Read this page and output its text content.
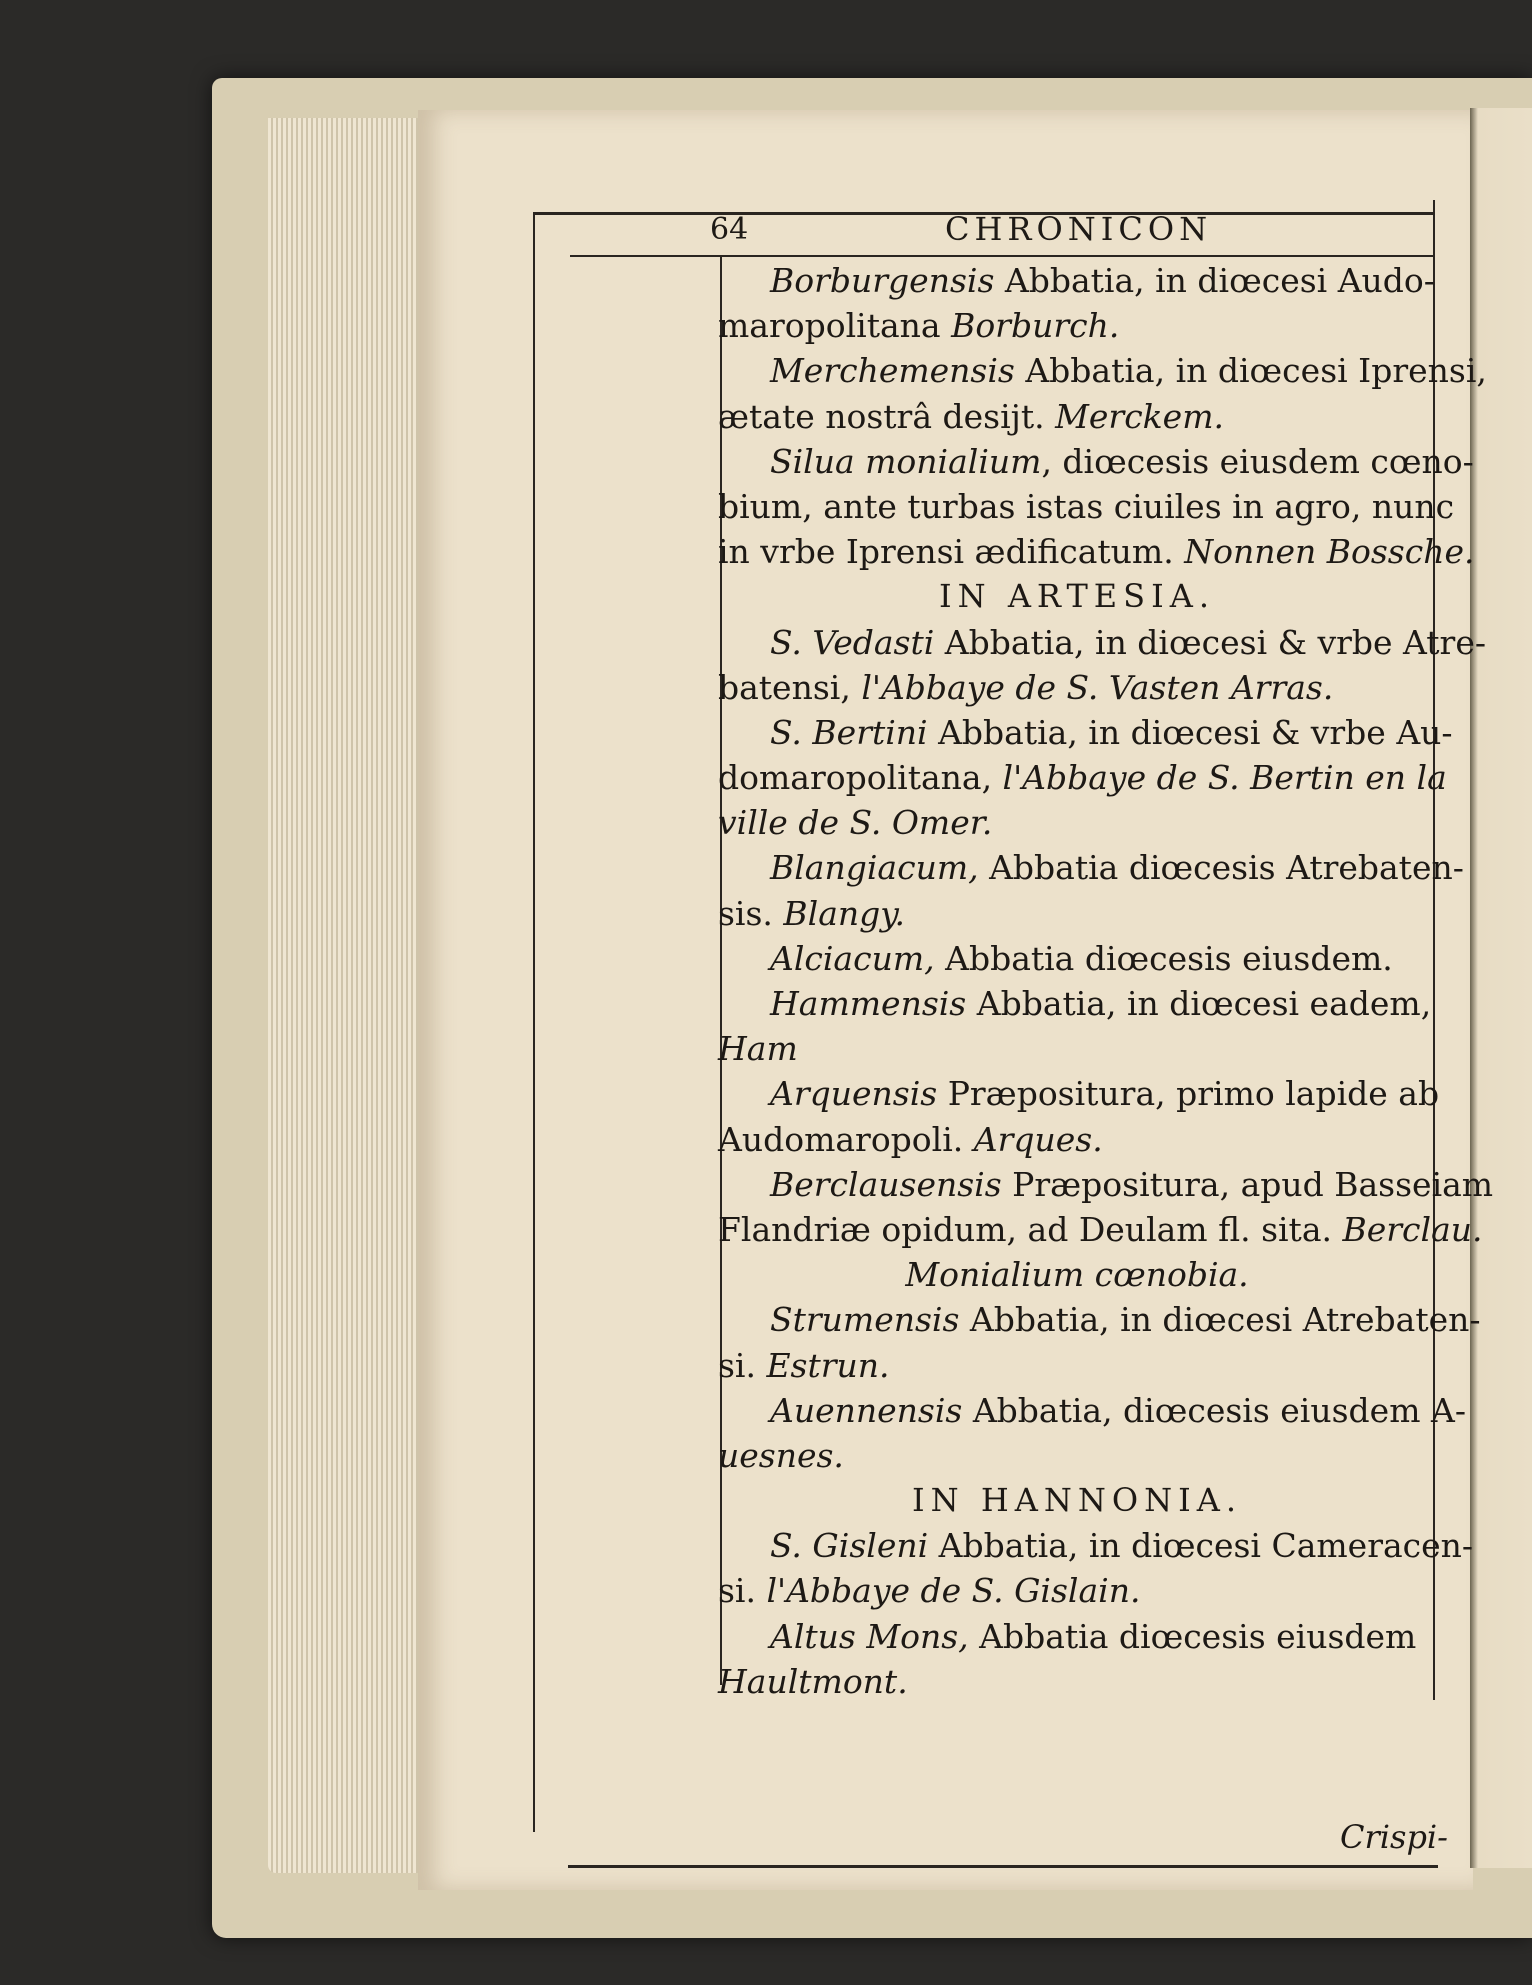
64	CHRONICON
Borburgensis Abbatia, in diœcesi Audo-
maropolitana Borburch.
Merchemensis Abbatia, in diœcesi Iprensi,
ætate nostrâ desijt. Merckem.
Silua monialium, diœcesis eiusdem cœno-
bium, ante turbas istas ciuiles in agro, nunc
in vrbe Iprensi ædificatum. Nonnen Bossche.
IN ARTESIA.
S. Vedasti Abbatia, in diœcesi & vrbe Atre-
batensi, l'Abbaye de S. Vasten Arras.
S. Bertini Abbatia, in diœcesi & vrbe Au-
domaropolitana, l'Abbaye de S. Bertin en la
ville de S. Omer.
Blangiacum, Abbatia diœcesis Atrebaten-
sis. Blangy.
Alciacum, Abbatia diœcesis eiusdem.
Hammensis Abbatia, in diœcesi eadem,
Ham
Arquensis Præpositura, primo lapide ab
Audomaropoli. Arques.
Berclausensis Præpositura, apud Basseiam
Flandriæ opidum, ad Deulam fl. sita. Berclau.
Monialium cœnobia.
Strumensis Abbatia, in diœcesi Atrebaten-
si. Estrun.
Auennensis Abbatia, diœcesis eiusdem A-
uesnes.
IN HANNONIA.
S. Gisleni Abbatia, in diœcesi Cameracen-
si. l'Abbaye de S. Gislain.
Altus Mons, Abbatia diœcesis eiusdem
Haultmont.
Crispi-
